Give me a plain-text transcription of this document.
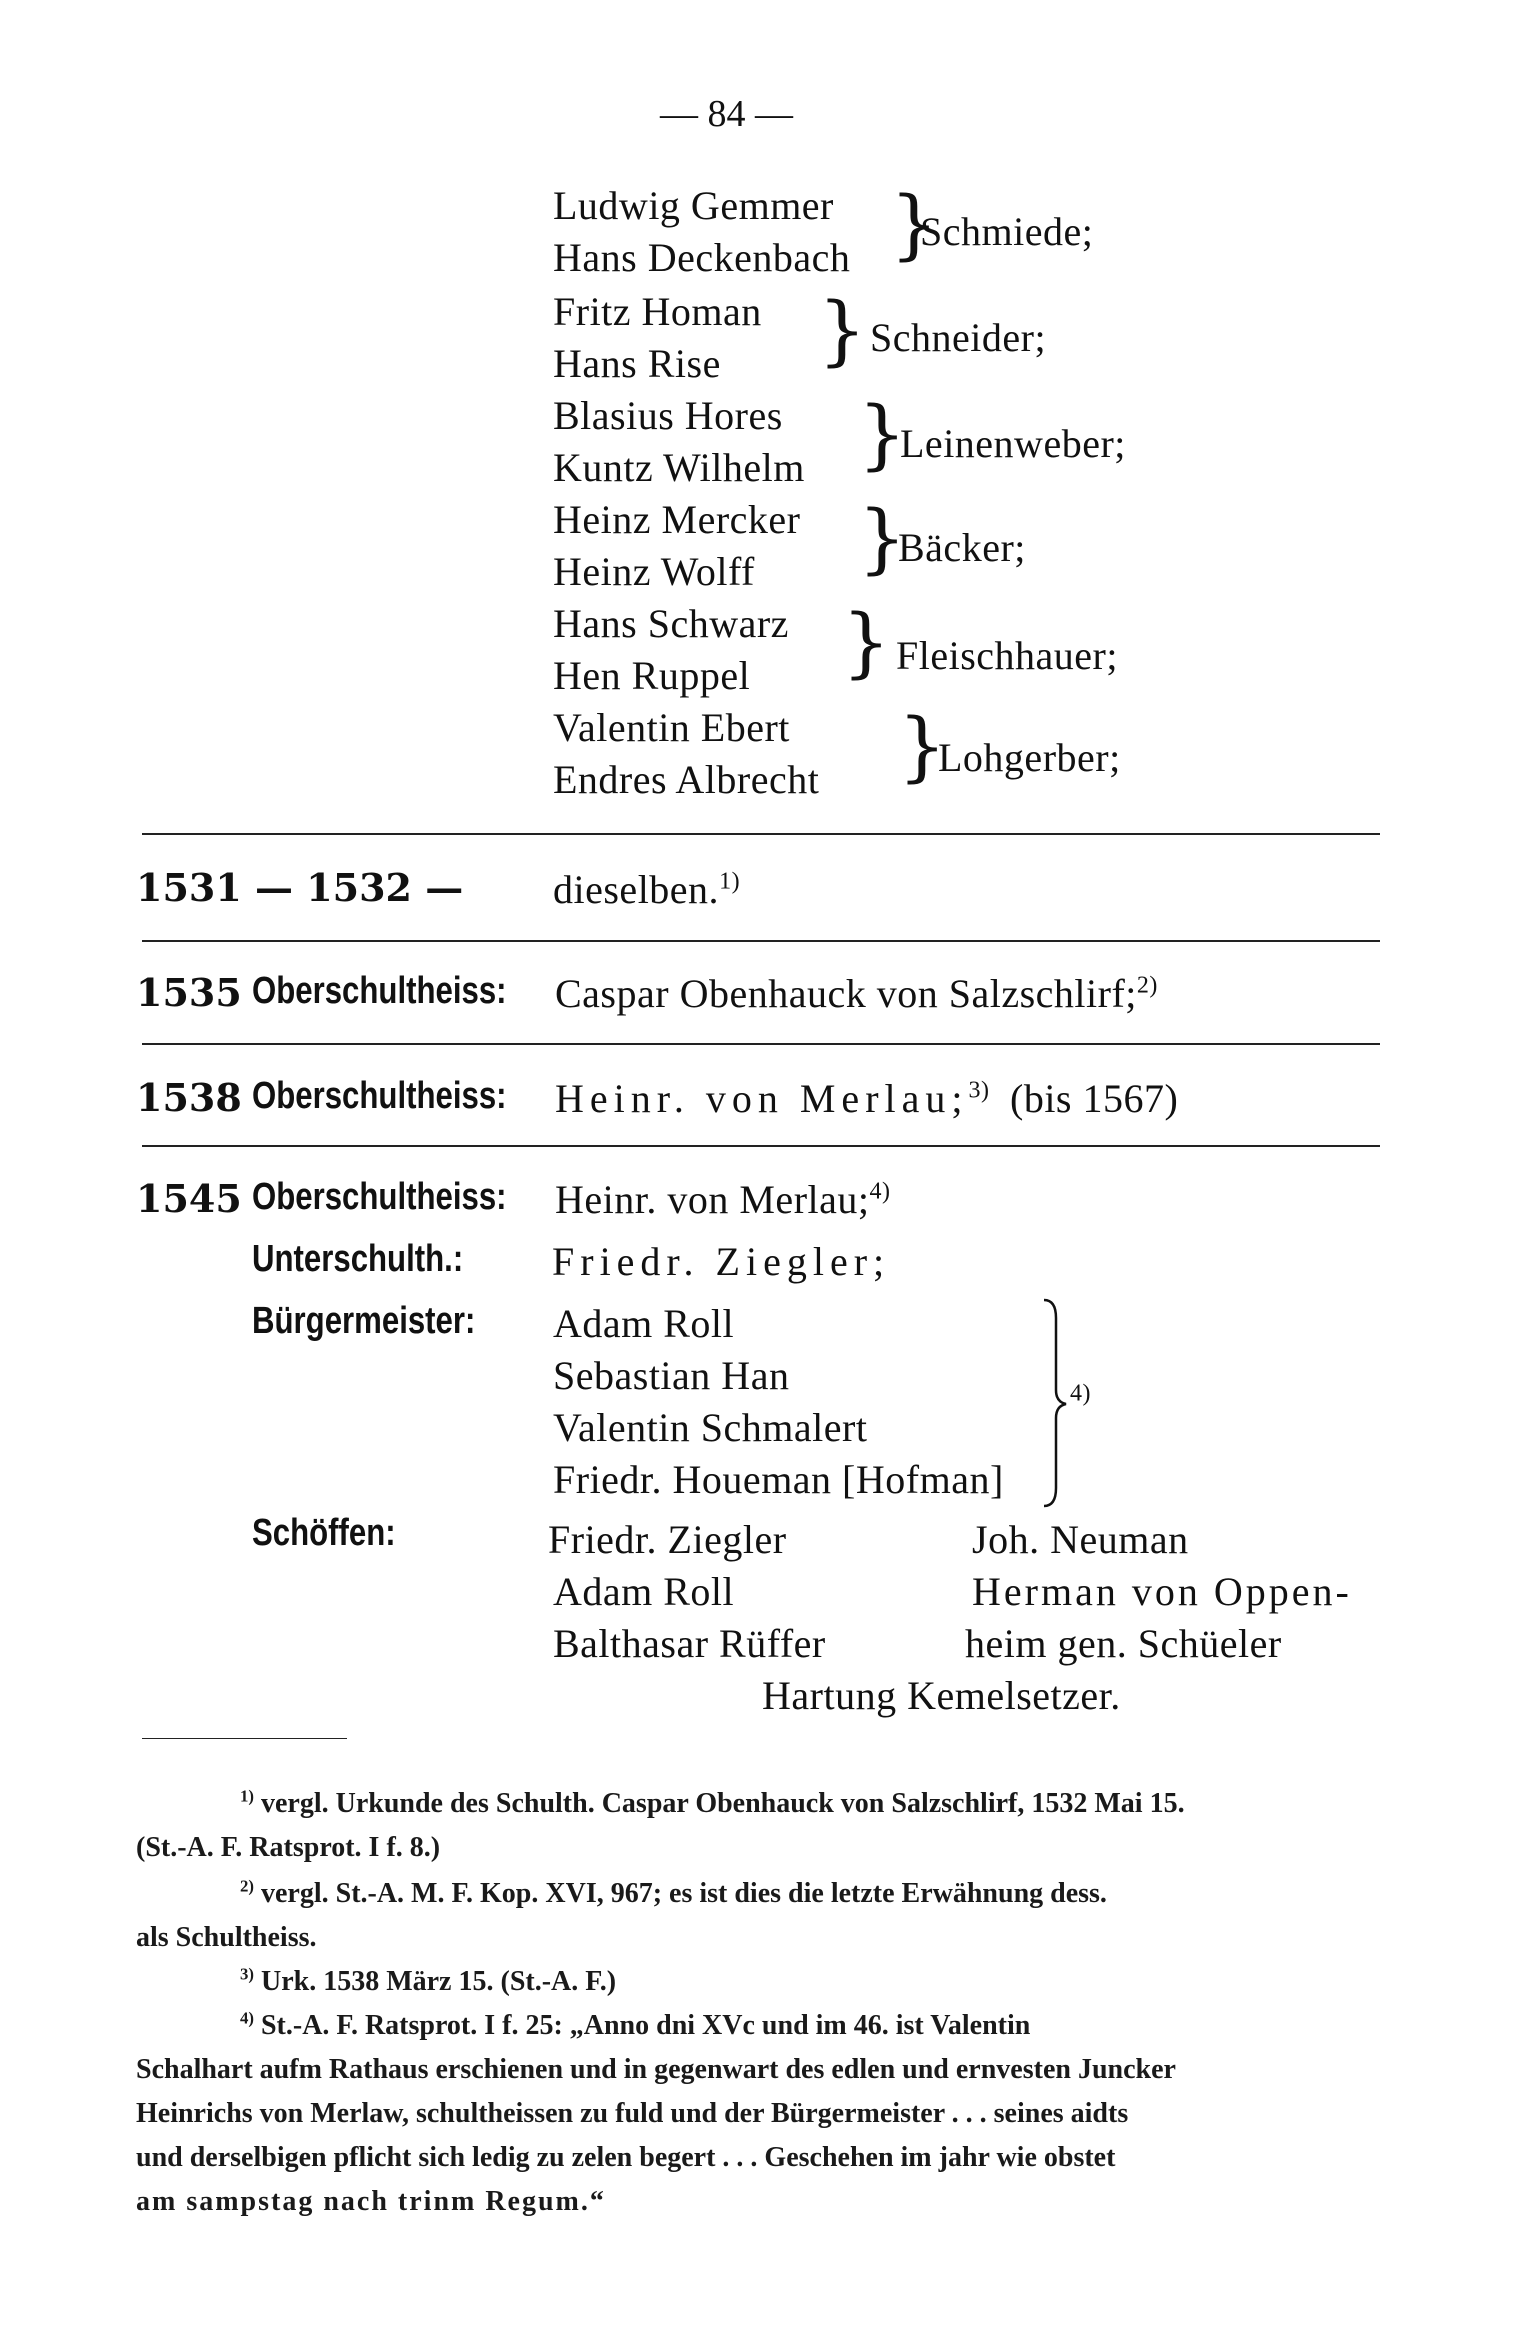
— 84 —
Ludwig Gemmer
Hans Deckenbach }
Schmiede;
Fritz Homan
Hans Rise } Schneider;
Blasius Hores
Kuntz Wilhelm }
Leinenweber;
Heinz Mercker
Heinz Wolff }
Bäcker;
Hans Schwarz
Hen Ruppel } Fleischhauer;
Valentin Ebert
Endres Albrecht }
Lohgerber;
1531 — 1532 — dieselben.$^{1)}$
1535 Oberschultheiss: Caspar Obenhauck von Salzschlirf;$^{2)}$
1538 Oberschultheiss: Heinr. von Merlau;$^{3)}$ (bis 1567)
1545 Oberschultheiss: Heinr. von Merlau;$^{4)}$
Unterschulth.: Friedr. Ziegler;
Bürgermeister: Adam Roll
Sebastian Han
Valentin Schmalert
Friedr. Houeman [Hofman]
$^{4)}$
Schöffen:	Friedr. Ziegler
Adam Roll
Balthasar Rüffer
Joh. Neuman
Herman von Oppen-
heim gen. Schüeler
Hartung Kemelsetzer.
$^{1)}$ vergl. Urkunde des Schulth. Caspar Obenhauck von Salzschlirf, 1532 Mai 15.
(St.-A. F. Ratsprot. I f. 8.)
$^{2)}$ vergl. St.-A. M. F. Kop. XVI, 967; es ist dies die letzte Erwähnung dess.
als Schultheiss.
$^{3)}$ Urk. 1538 März 15. (St.-A. F.)
$^{4)}$ St.-A. F. Ratsprot. I f. 25: „Anno dni XVc und im 46. ist Valentin
Schalhart aufm Rathaus erschienen und in gegenwart des edlen und ernvesten Juncker
Heinrichs von Merlaw, schultheissen zu fuld und der Bürgermeister . . . seines aidts
und derselbigen pflicht sich ledig zu zelen begert . . . Geschehen im jahr wie obstet
am sampstag nach trinm Regum.“
